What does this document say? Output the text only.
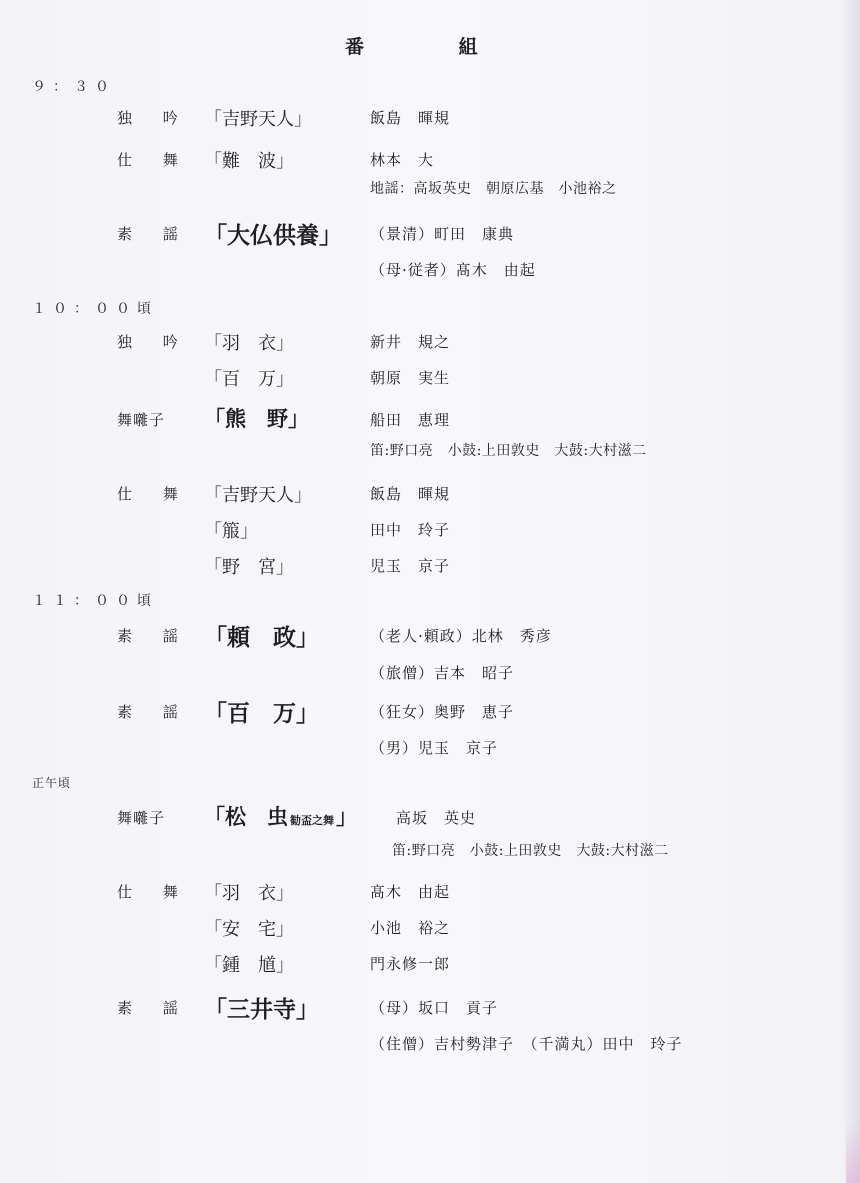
番 組
９：３０
独 吟 「吉野天人」	飯島　暉規
仕 舞 「難　波」	林本　大
地謡：高坂英史　朝原広基　小池裕之
素 謡 「大仏供養」 （景清）町田　康典
（母·従者）髙木　由起
１０：００頃
独 吟 「羽　衣」	新井　規之
「百　万」	朝原　実生
舞囃子 「熊　野」	船田　恵理
笛:野口亮　小鼓:上田敦史　大鼓:大村滋二
仕 舞 「吉野天人」	飯島　暉規
「箙」	田中　玲子
「野　宮」	児玉　京子
１１：００頃
素 謡 「頼　政」	（老人·頼政）北林　秀彦
（旅僧）吉本　昭子
素 謡 「百　万」	（狂女）奥野　恵子
（男）児玉　京子
正午頃
舞囃子 「松　虫 勧盃之舞」	高坂　英史
笛:野口亮　小鼓:上田敦史　大鼓:大村滋二
仕 舞 「羽　衣」	髙木　由起
「安　宅」	小池　裕之
「鍾　馗」	門永修一郎
素 謡 「三井寺」	（母）坂口　貢子
（住僧）吉村勢津子　（千満丸）田中　玲子
